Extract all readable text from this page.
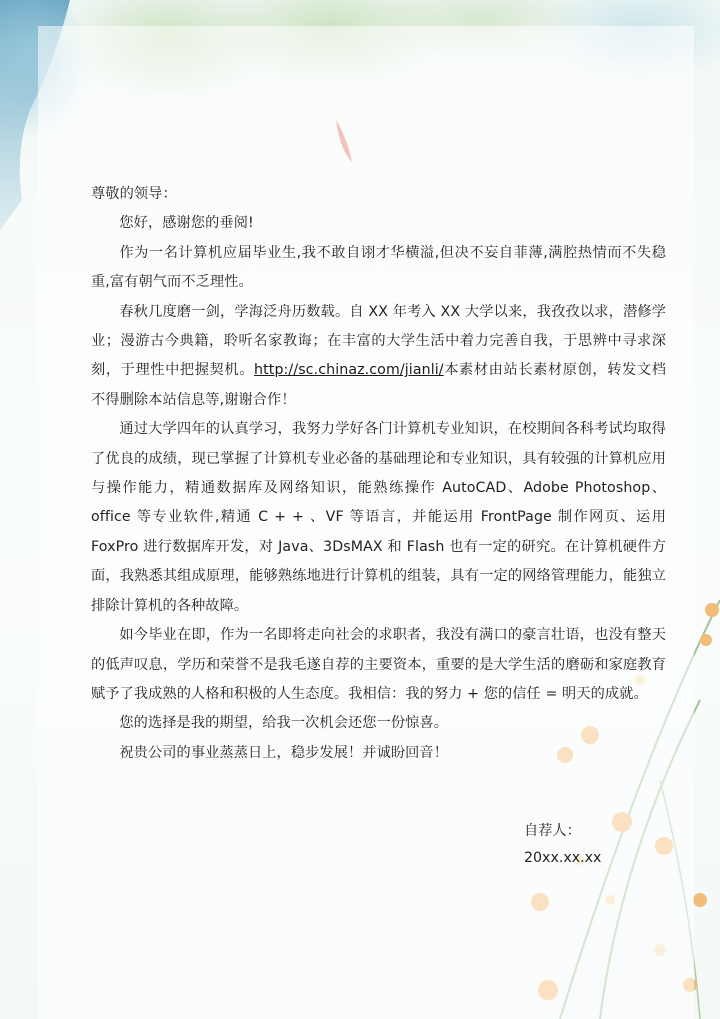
尊敬的领导：

您好，感谢您的垂阅!

作为一名计算机应届毕业生,我不敢自诩才华横溢,但决不妄自菲薄,满腔热情而不失稳重,富有朝气而不乏理性。

春秋几度磨一剑，学海泛舟历数载。自 XX 年考入 XX 大学以来，我孜孜以求，潜修学业；漫游古今典籍，聆听名家教诲；在丰富的大学生活中着力完善自我，于思辨中寻求深刻，于理性中把握契机。http://sc.chinaz.com/jianli/本素材由站长素材原创，转发文档不得删除本站信息等,谢谢合作！

通过大学四年的认真学习，我努力学好各门计算机专业知识，在校期间各科考试均取得了优良的成绩，现已掌握了计算机专业必备的基础理论和专业知识，具有较强的计算机应用与操作能力，精通数据库及网络知识，能熟练操作 AutoCAD、Adobe Photoshop、office 等专业软件,精通 C + + 、VF 等语言，并能运用 FrontPage 制作网页、运用 FoxPro 进行数据库开发，对 Java、3DsMAX 和 Flash 也有一定的研究。在计算机硬件方面，我熟悉其组成原理，能够熟练地进行计算机的组装，具有一定的网络管理能力，能独立排除计算机的各种故障。

如今毕业在即，作为一名即将走向社会的求职者，我没有满口的豪言壮语，也没有整天的低声叹息，学历和荣誉不是我毛遂自荐的主要资本，重要的是大学生活的磨砺和家庭教育赋予了我成熟的人格和积极的人生态度。我相信：我的努力 + 您的信任 = 明天的成就。

您的选择是我的期望，给我一次机会还您一份惊喜。

祝贵公司的事业蒸蒸日上，稳步发展！并诚盼回音！

自荐人：
20xx.xx.xx
